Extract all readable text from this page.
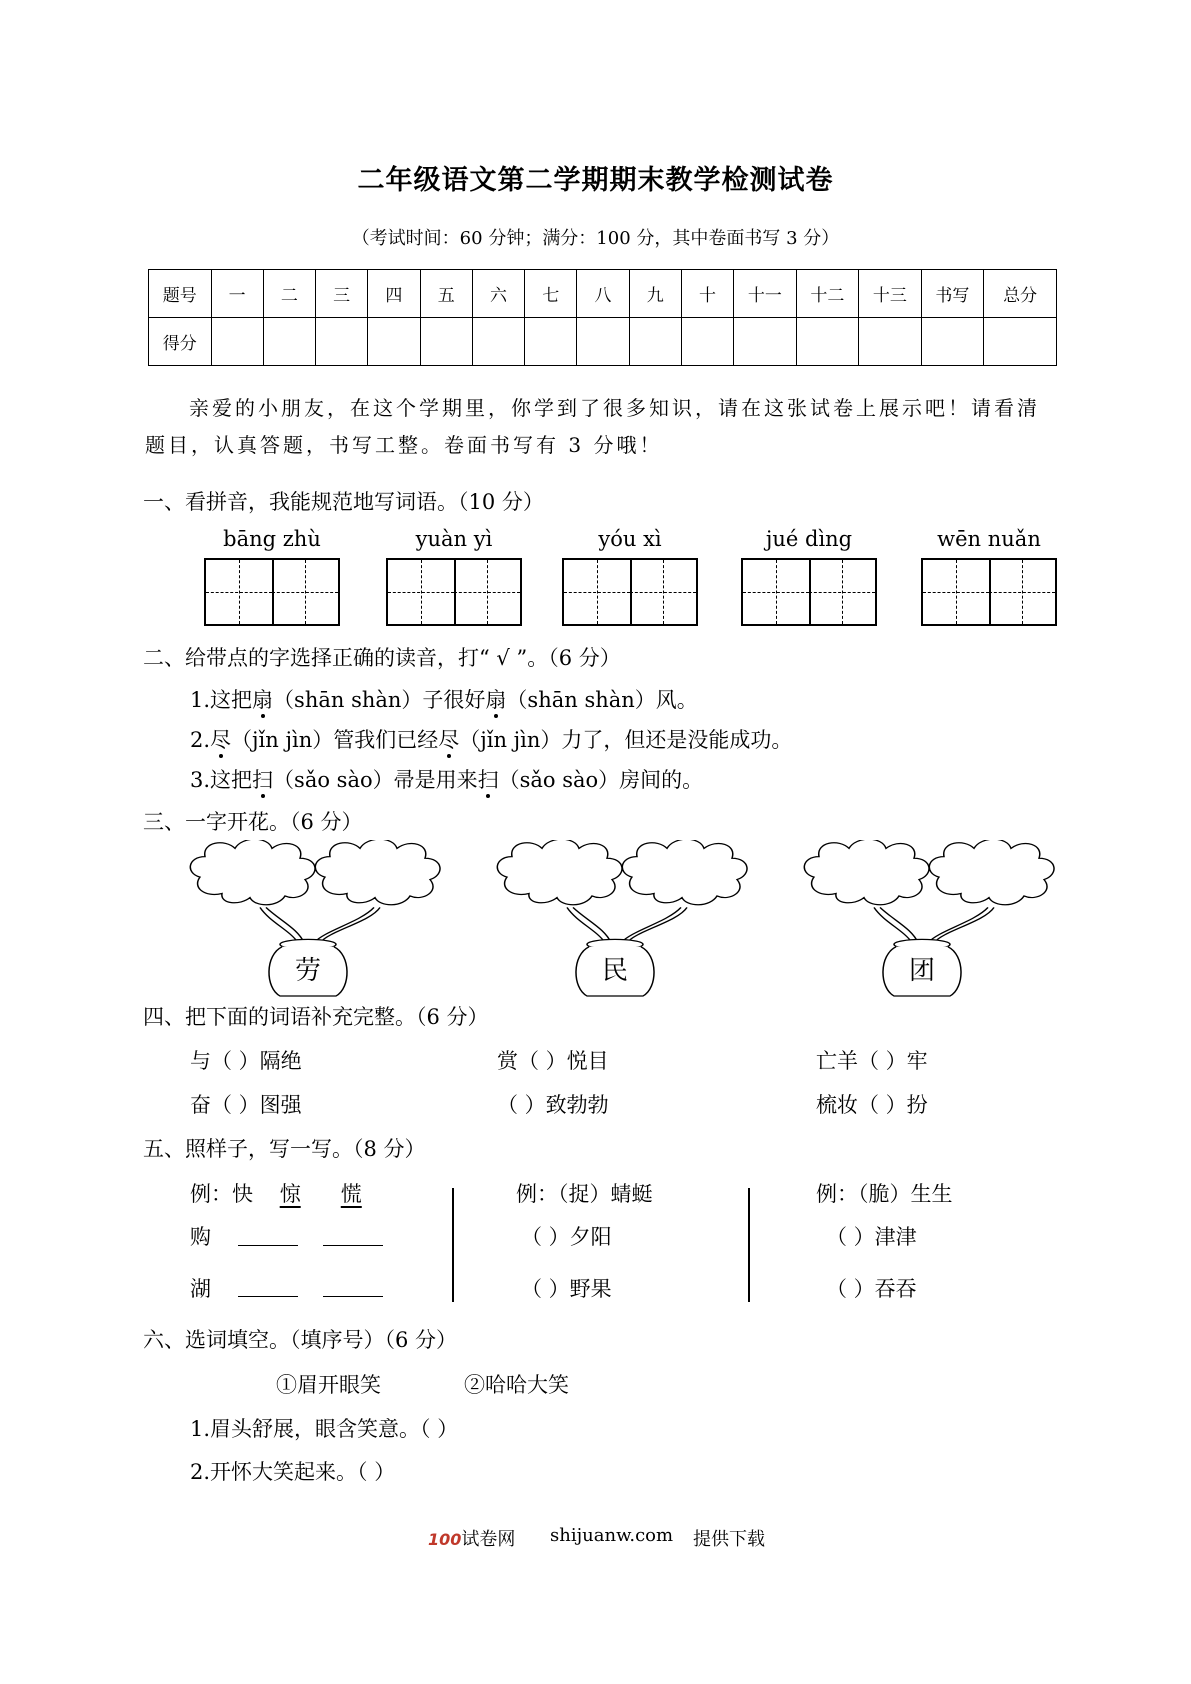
二年级语文第二学期期末教学检测试卷
（考试时间：60 分钟；满分：100 分，其中卷面书写 3 分）
题号	一	二	三	四	五	六	七	八	九	十	十一	十二	十三	书写	总分
得分															
亲爱的小朋友，在这个学期里，你学到了很多知识，请在这张试卷上展示吧！请看清题目，认真答题，书写工整。卷面书写有 3 分哦！
一、看拼音，我能规范地写词语。（10 分）
bāng zhù	yuàn yì	yóu xì	jué dìng	wēn nuǎn
二、给带点的字选择正确的读音，打“ √ ”。（6 分）
1.这把扇（shān shàn）子很好扇（shān shàn）风。
2.尽（jǐn jìn）管我们已经尽（jǐn jìn）力了，但还是没能成功。
3.这把扫（sǎo sào）帚是用来扫（sǎo sào）房间的。
三、一字开花。（6 分）
劳	民	团
四、把下面的词语补充完整。（6 分）
与（ ）隔绝	赏（ ）悦目	亡羊（ ）牢
奋（ ）图强	（ ）致勃勃	梳妆（ ）扮
五、照样子，写一写。（8 分）
例：快 惊 慌
购
湖
例：（捉）蜻蜓
（ ）夕阳
（ ）野果
例：（脆）生生
（ ）津津
（ ）吞吞
六、选词填空。（填序号）（6 分）
①眉开眼笑	②哈哈大笑
1.眉头舒展，眼含笑意。（ ）
2.开怀大笑起来。（ ）
100试卷网 shijuanw.com 提供下载
